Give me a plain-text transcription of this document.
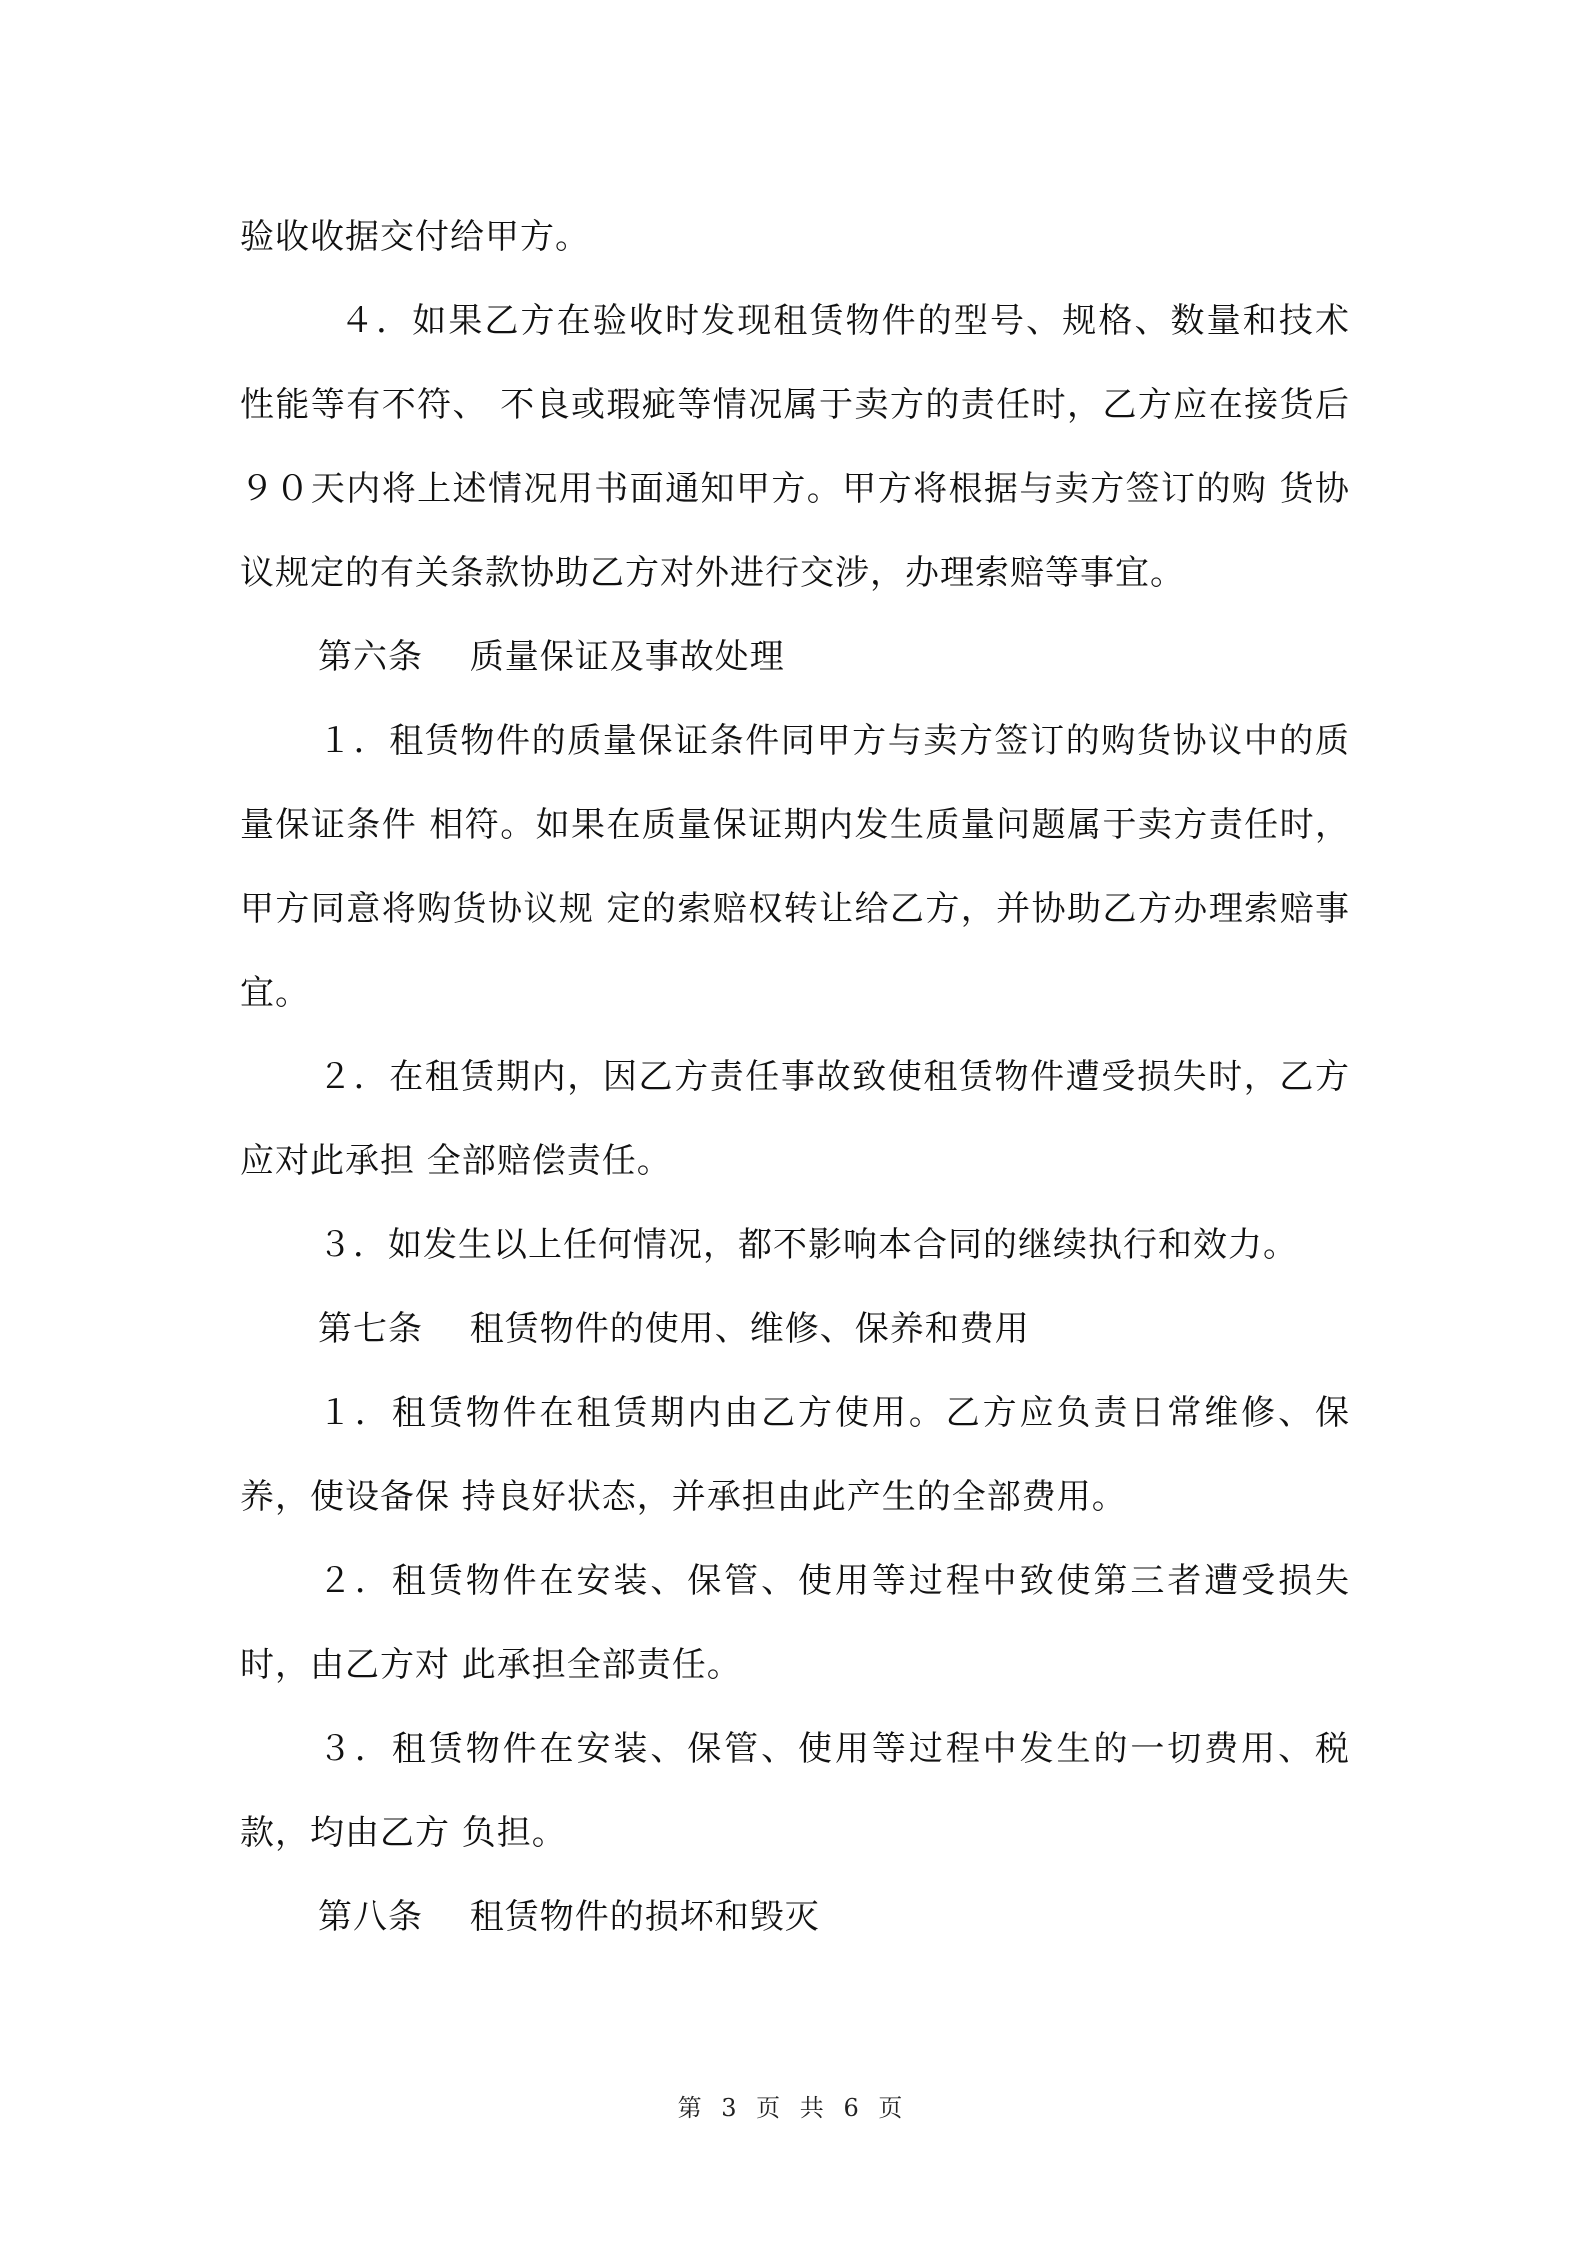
验收收据交付给甲方。

４．如果乙方在验收时发现租赁物件的型号、规格、数量和技术性能等有不符、 不良或瑕疵等情况属于卖方的责任时，乙方应在接货后９０天内将上述情况用书面通知甲方。甲方将根据与卖方签订的购 货协议规定的有关条款协助乙方对外进行交涉，办理索赔等事宜。

第六条　 质量保证及事故处理

１．租赁物件的质量保证条件同甲方与卖方签订的购货协议中的质量保证条件 相符。如果在质量保证期内发生质量问题属于卖方责任时，甲方同意将购货协议规 定的索赔权转让给乙方，并协助乙方办理索赔事宜。

２．在租赁期内，因乙方责任事故致使租赁物件遭受损失时，乙方应对此承担 全部赔偿责任。

３．如发生以上任何情况，都不影响本合同的继续执行和效力。

第七条　 租赁物件的使用、维修、保养和费用

１．租赁物件在租赁期内由乙方使用。乙方应负责日常维修、保养，使设备保 持良好状态，并承担由此产生的全部费用。

２．租赁物件在安装、保管、使用等过程中致使第三者遭受损失时，由乙方对 此承担全部责任。

３．租赁物件在安装、保管、使用等过程中发生的一切费用、税款，均由乙方 负担。

第八条　 租赁物件的损坏和毁灭

第 3 页 共 6 页
